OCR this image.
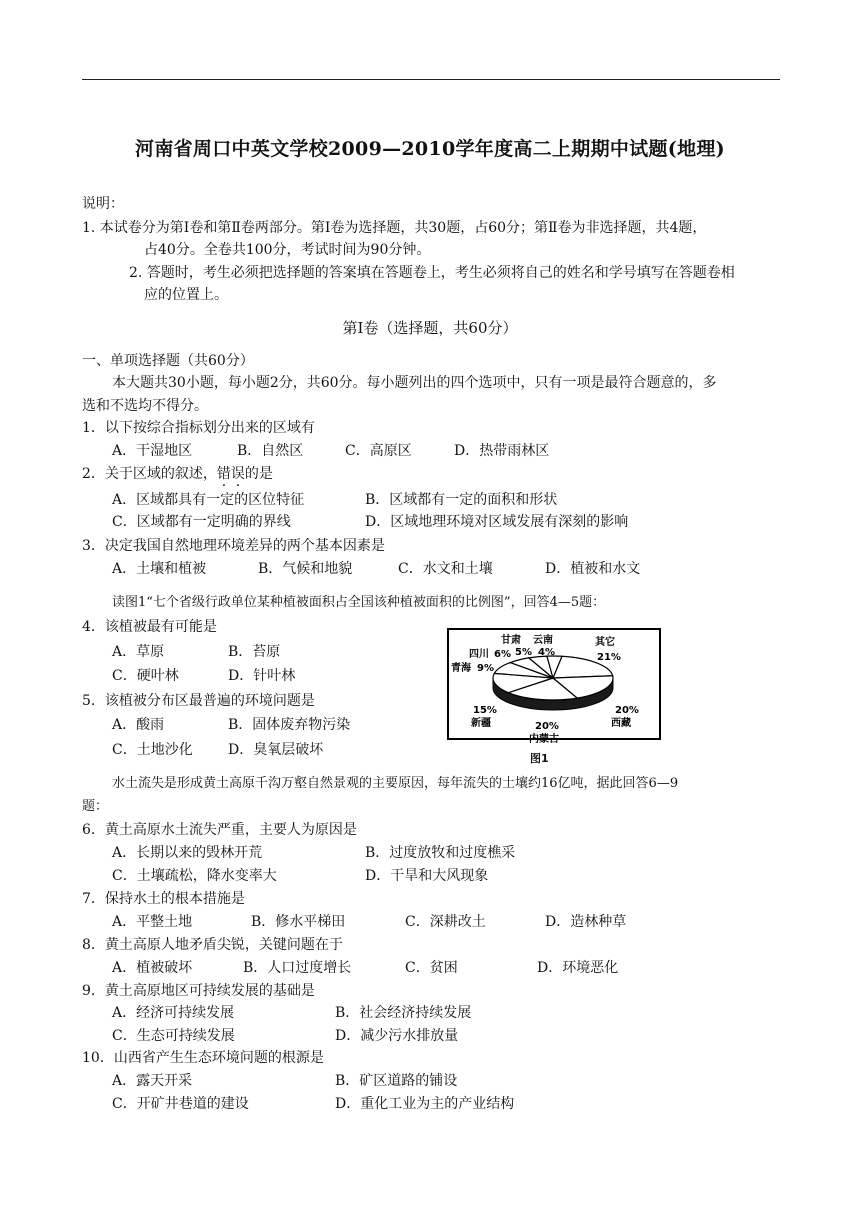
河南省周口中英文学校2009—2010学年度高二上期期中试题(地理)
说明：
1. 本试卷分为第Ⅰ卷和第Ⅱ卷两部分。第Ⅰ卷为选择题，共30题，占60分；第Ⅱ卷为非选择题，共4题，
占40分。全卷共100分，考试时间为90分钟。
2. 答题时，考生必须把选择题的答案填在答题卷上，考生必须将自己的姓名和学号填写在答题卷相
应的位置上。
第Ⅰ卷（选择题，共60分）
一、单项选择题（共60分）
本大题共30小题，每小题2分，共60分。每小题列出的四个选项中，只有一项是最符合题意的，多
选和不选均不得分。
1．以下按综合指标划分出来的区域有
A．干湿地区	B．自然区	C．高原区	D．热带雨林区
2．关于区域的叙述，错误的是
A．区域都具有一定的区位特征	B．区域都有一定的面积和形状
C．区域都有一定明确的界线	D．区域地理环境对区域发展有深刻的影响
3．决定我国自然地理环境差异的两个基本因素是
A．土壤和植被	B．气候和地貌	C．水文和土壤	D．植被和水文
读图1“七个省级行政单位某种植被面积占全国该种植被面积的比例图”，回答4—5题：
4．该植被最有可能是
A．草原	B．苔原
C．硬叶林	D．针叶林
5．该植被分布区最普遍的环境问题是
A．酸雨	B．固体废弃物污染
C．土地沙化	D．臭氧层破坏
其它
21%
西藏
20%
内蒙古
20%
新疆
15%
青海 9%
四川 6%
甘肃
5%
云南
4%
图1
水土流失是形成黄土高原千沟万壑自然景观的主要原因，每年流失的土壤约16亿吨，据此回答6—9
题：
6．黄土高原水土流失严重，主要人为原因是
A．长期以来的毁林开荒	B．过度放牧和过度樵采
C．土壤疏松，降水变率大	D．干旱和大风现象
7．保持水土的根本措施是
A．平整土地	B．修水平梯田	C．深耕改土	D．造林种草
8．黄土高原人地矛盾尖锐，关键问题在于
A．植被破坏	B．人口过度增长	C．贫困	D．环境恶化
9．黄土高原地区可持续发展的基础是
A．经济可持续发展	B．社会经济持续发展
C．生态可持续发展	D．减少污水排放量
10．山西省产生生态环境问题的根源是
A．露天开采	B．矿区道路的铺设
C．开矿井巷道的建设	D．重化工业为主的产业结构
